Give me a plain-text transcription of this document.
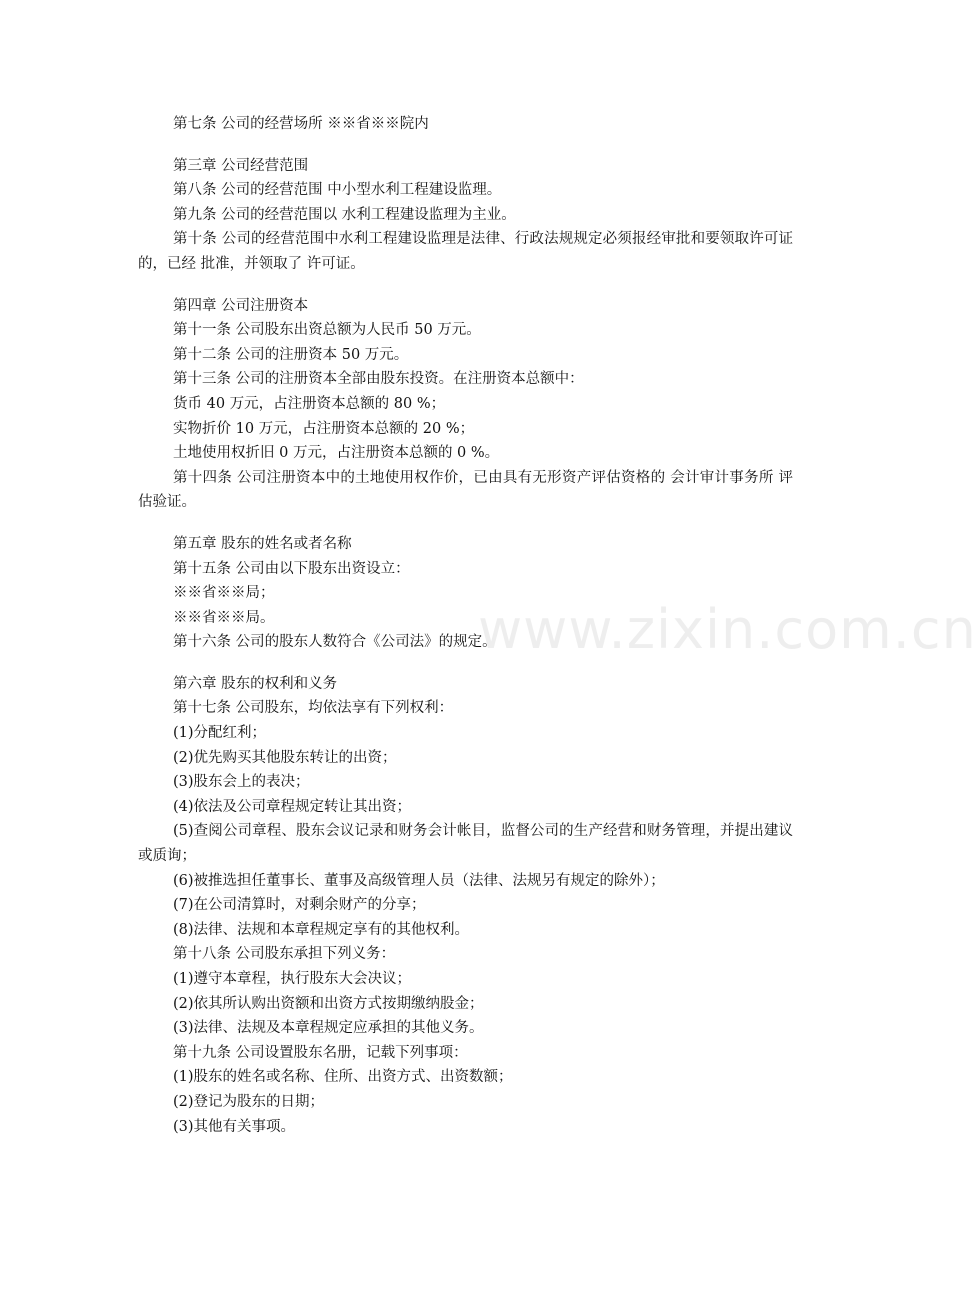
www.zixin.com.cn
第七条 公司的经营场所 ※※省※※院内
第三章 公司经营范围
第八条 公司的经营范围 中小型水利工程建设监理。
第九条 公司的经营范围以 水利工程建设监理为主业。
第十条 公司的经营范围中水利工程建设监理是法律、行政法规规定必须报经审批和要领取许可证的，已经 批准，并领取了 许可证。
第四章 公司注册资本
第十一条 公司股东出资总额为人民币 50 万元。
第十二条 公司的注册资本 50 万元。
第十三条 公司的注册资本全部由股东投资。在注册资本总额中：
货币 40 万元，占注册资本总额的 80 %；
实物折价 10 万元，占注册资本总额的 20 %；
土地使用权折旧 0 万元，占注册资本总额的 0 %。
第十四条 公司注册资本中的土地使用权作价，已由具有无形资产评估资格的 会计审计事务所 评估验证。
第五章 股东的姓名或者名称
第十五条 公司由以下股东出资设立：
※※省※※局；
※※省※※局。
第十六条 公司的股东人数符合《公司法》的规定。
第六章 股东的权利和义务
第十七条 公司股东，均依法享有下列权利：
(1)分配红利；
(2)优先购买其他股东转让的出资；
(3)股东会上的表决；
(4)依法及公司章程规定转让其出资；
(5)查阅公司章程、股东会议记录和财务会计帐目，监督公司的生产经营和财务管理，并提出建议或质询；
(6)被推选担任董事长、董事及高级管理人员（法律、法规另有规定的除外）；
(7)在公司清算时，对剩余财产的分享；
(8)法律、法规和本章程规定享有的其他权利。
第十八条 公司股东承担下列义务：
(1)遵守本章程，执行股东大会决议；
(2)依其所认购出资额和出资方式按期缴纳股金；
(3)法律、法规及本章程规定应承担的其他义务。
第十九条 公司设置股东名册，记载下列事项：
(1)股东的姓名或名称、住所、出资方式、出资数额；
(2)登记为股东的日期；
(3)其他有关事项。
